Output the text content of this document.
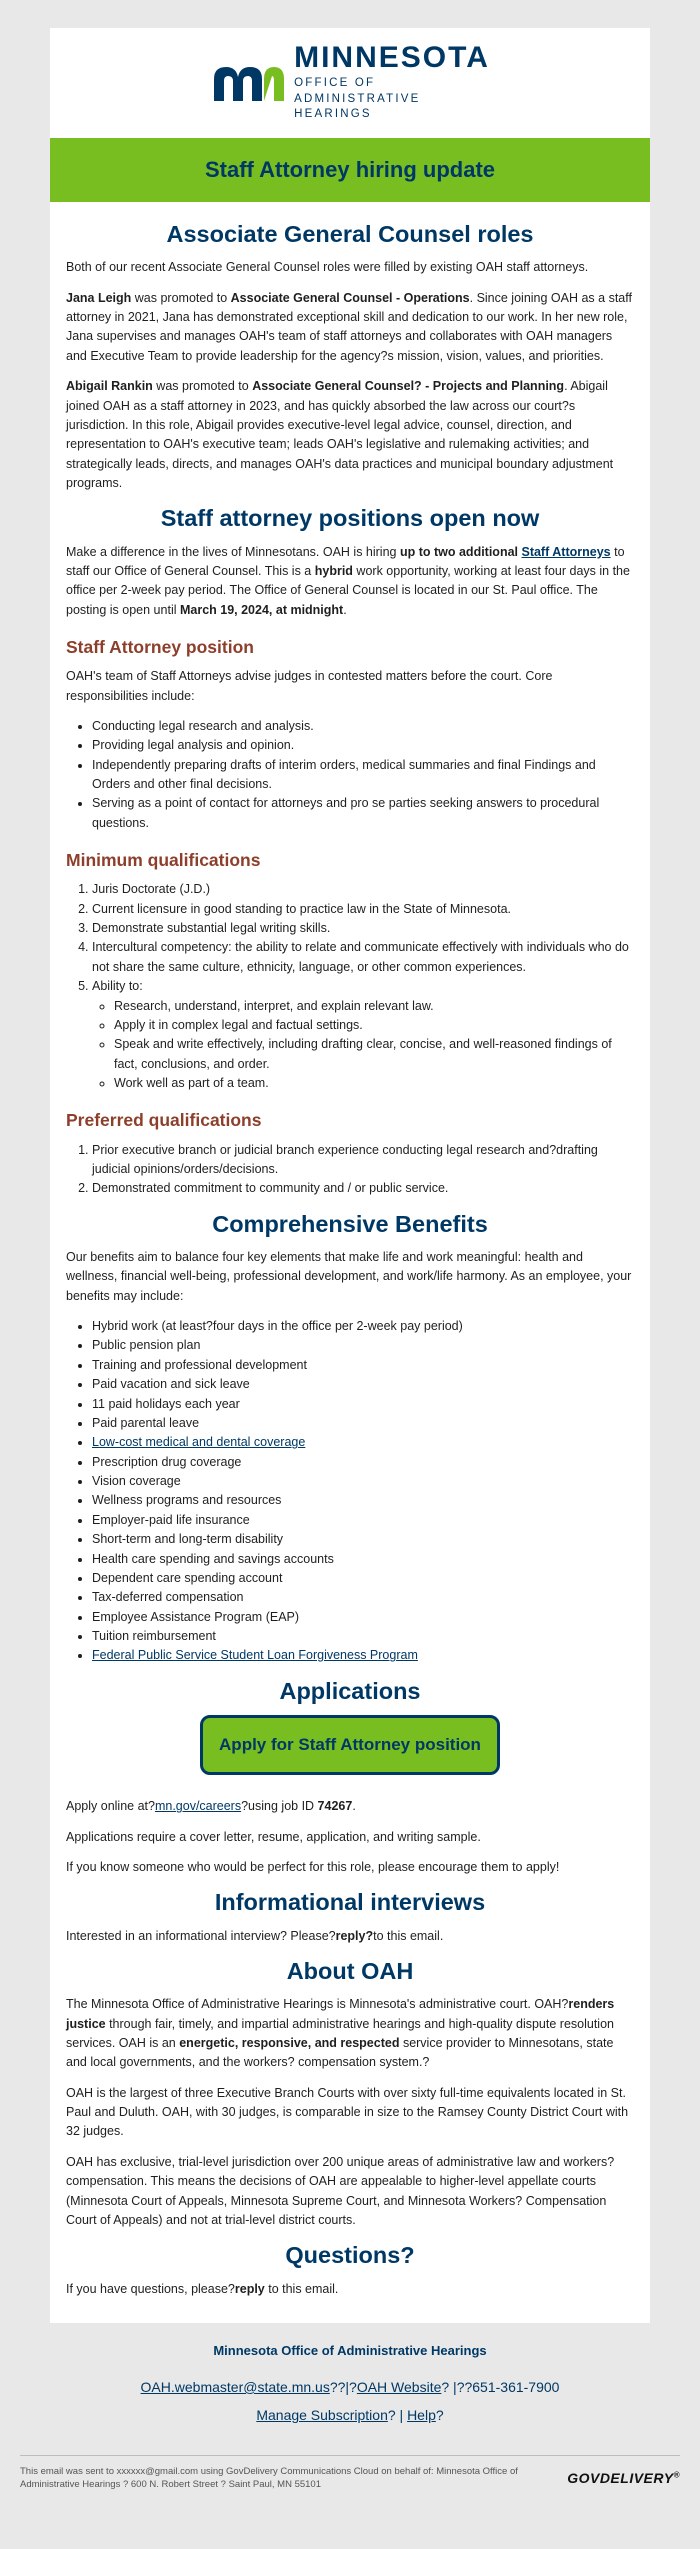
MINNESOTA
OFFICE OF
ADMINISTRATIVE
HEARINGS
Staff Attorney hiring update
Associate General Counsel roles

Both of our recent Associate General Counsel roles were filled by existing OAH staff attorneys.

Jana Leigh was promoted to Associate General Counsel - Operations. Since joining OAH as a staff attorney in 2021, Jana has demonstrated exceptional skill and dedication to our work. In her new role, Jana supervises and manages OAH's team of staff attorneys and collaborates with OAH managers and Executive Team to provide leadership for the agency?s mission, vision, values, and priorities.

Abigail Rankin was promoted to Associate General Counsel? - Projects and Planning. Abigail joined OAH as a staff attorney in 2023, and has quickly absorbed the law across our court?s jurisdiction. In this role, Abigail provides executive-level legal advice, counsel, direction, and representation to OAH's executive team; leads OAH's legislative and rulemaking activities; and strategically leads, directs, and manages OAH's data practices and municipal boundary adjustment programs.

Staff attorney positions open now

Make a difference in the lives of Minnesotans. OAH is hiring up to two additional Staff Attorneys to staff our Office of General Counsel. This is a hybrid work opportunity, working at least four days in the office per 2-week pay period. The Office of General Counsel is located in our St. Paul office. The posting is open until March 19, 2024, at midnight.

Staff Attorney position

OAH's team of Staff Attorneys advise judges in contested matters before the court. Core responsibilities include:

• Conducting legal research and analysis.
• Providing legal analysis and opinion.
• Independently preparing drafts of interim orders, medical summaries and final Findings and Orders and other final decisions.
• Serving as a point of contact for attorneys and pro se parties seeking answers to procedural questions.
Minimum qualifications
1. Juris Doctorate (J.D.)
2. Current licensure in good standing to practice law in the State of Minnesota.
3. Demonstrate substantial legal writing skills.
4. Intercultural competency: the ability to relate and communicate effectively with individuals who do not share the same culture, ethnicity, language, or other common experiences.
5. Ability to:
◦ Research, understand, interpret, and explain relevant law.
◦ Apply it in complex legal and factual settings.
◦ Speak and write effectively, including drafting clear, concise, and well-reasoned findings of fact, conclusions, and order.
◦ Work well as part of a team.
Preferred qualifications
1. Prior executive branch or judicial branch experience conducting legal research and?drafting judicial opinions/orders/decisions.
2. Demonstrated commitment to community and / or public service.
Comprehensive Benefits

Our benefits aim to balance four key elements that make life and work meaningful: health and wellness, financial well-being, professional development, and work/life harmony. As an employee, your benefits may include:

• Hybrid work (at least?four days in the office per 2-week pay period)
• Public pension plan
• Training and professional development
• Paid vacation and sick leave
• 11 paid holidays each year
• Paid parental leave
• Low-cost medical and dental coverage
• Prescription drug coverage
• Vision coverage
• Wellness programs and resources
• Employer-paid life insurance
• Short-term and long-term disability
• Health care spending and savings accounts
• Dependent care spending account
• Tax-deferred compensation
• Employee Assistance Program (EAP)
• Tuition reimbursement
• Federal Public Service Student Loan Forgiveness Program
Applications
Apply for Staff Attorney position

Apply online at?mn.gov/careers?using job ID 74267.

Applications require a cover letter, resume, application, and writing sample.

If you know someone who would be perfect for this role, please encourage them to apply!

Informational interviews

Interested in an informational interview? Please?reply?to this email.

About OAH

The Minnesota Office of Administrative Hearings is Minnesota's administrative court. OAH?renders justice through fair, timely, and impartial administrative hearings and high-quality dispute resolution services. OAH is an energetic, responsive, and respected service provider to Minnesotans, state and local governments, and the workers? compensation system.?

OAH is the largest of three Executive Branch Courts with over sixty full-time equivalents located in St. Paul and Duluth. OAH, with 30 judges, is comparable in size to the Ramsey County District Court with 32 judges.

OAH has exclusive, trial-level jurisdiction over 200 unique areas of administrative law and workers? compensation. This means the decisions of OAH are appealable to higher-level appellate courts (Minnesota Court of Appeals, Minnesota Supreme Court, and Minnesota Workers? Compensation Court of Appeals) and not at trial-level district courts.

Questions?

If you have questions, please?reply to this email.

Minnesota Office of Administrative Hearings
OAH.webmaster@state.mn.us??|?OAH Website? |??651-361-7900
Manage Subscription? | Help?
This email was sent to xxxxxx@gmail.com using GovDelivery Communications Cloud on behalf of: Minnesota Office of
Administrative Hearings ? 600 N. Robert Street ? Saint Paul, MN 55101	GOVDELIVERY®
